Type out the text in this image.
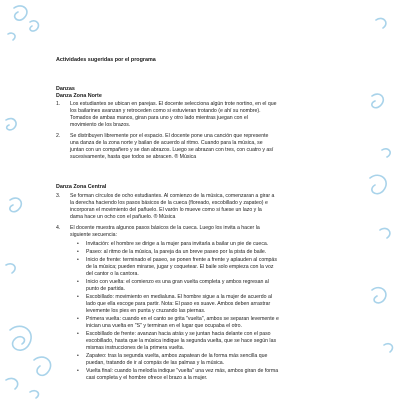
Actividades sugeridas por el programa
Danzas
Danza Zona Norte
1. Los estudiantes se ubican en parejas. El docente selecciona algún trote nortino, en el que
los bailarines avanzan y retroceden como si estuvieran trotando (e ahí su nombre).
Tomados de ambas manos, giran para uno y otro lado mientras juegan con el
movimiento de los brazos.
2. Se distribuyen libremente por el espacio. El docente pone una canción que represente
una danza de la zona norte y bailan de acuerdo al ritmo. Cuando para la música, se
juntan con un compañero y se dan abrazos. Luego se abrazan con tres, con cuatro y así
sucesivamente, hasta que todos se abracen. ® Música
Danza Zona Central
3. Se forman círculos de ocho estudiantes. Al comienzo de la música, comenzaran a girar a
la derecha haciendo los pasos básicos de la cueca (floreado, escobillado y zapateo) e
incorporan el movimiento del pañuelo. El varón lo mueve como si fuese un lazo y la
dama hace un ocho con el pañuelo. ® Música
4. El docente muestra algunos pasos básicos de la cueca. Luego los invita a hacer la
siguiente secuencia:
• Invitación: el hombre se dirige a la mujer para invitarla a bailar un pie de cueca.
• Paseo: al ritmo de la música, la pareja da un breve paseo por la pista de baile.
• Inicio de frente: terminado el paseo, se ponen frente a frente y aplauden al compás
de la música; pueden mirarse, jugar y coquetear. El baile solo empieza con la voz
del cantor o la cantora.
• Inicio con vuelta: el comienzo es una gran vuelta completa y ambos regresan al
punto de partida.
• Escobillado: movimiento en medialuna. El hombre sigue a la mujer de acuerdo al
lado que ella escoge para partir. Nota: El paso es suave. Ambos deben arrastrar
levemente los pies en punta y cruzando las piernas.
• Primera vuelta: cuando en el canto se grita "vuelta", ambos se separan levemente e
inician una vuelta en "S" y terminan en el lugar que ocupaba el otro.
• Escobillado de frente: avanzan hacia atrás y se juntan hacia delante con el paso
escobillado, hasta que la música indique la segunda vuelta, que se hace según las
mismas instrucciones de la primera vuelta.
• Zapateo: tras la segunda vuelta, ambos zapatean de la forma más sencilla que
puedan, tratando de ir al compás de las palmas y la música.
• Vuelta final: cuando la melodía indique "vuelta" una vez más, ambos giran de forma
casi completa y el hombre ofrece el brazo a la mujer.
